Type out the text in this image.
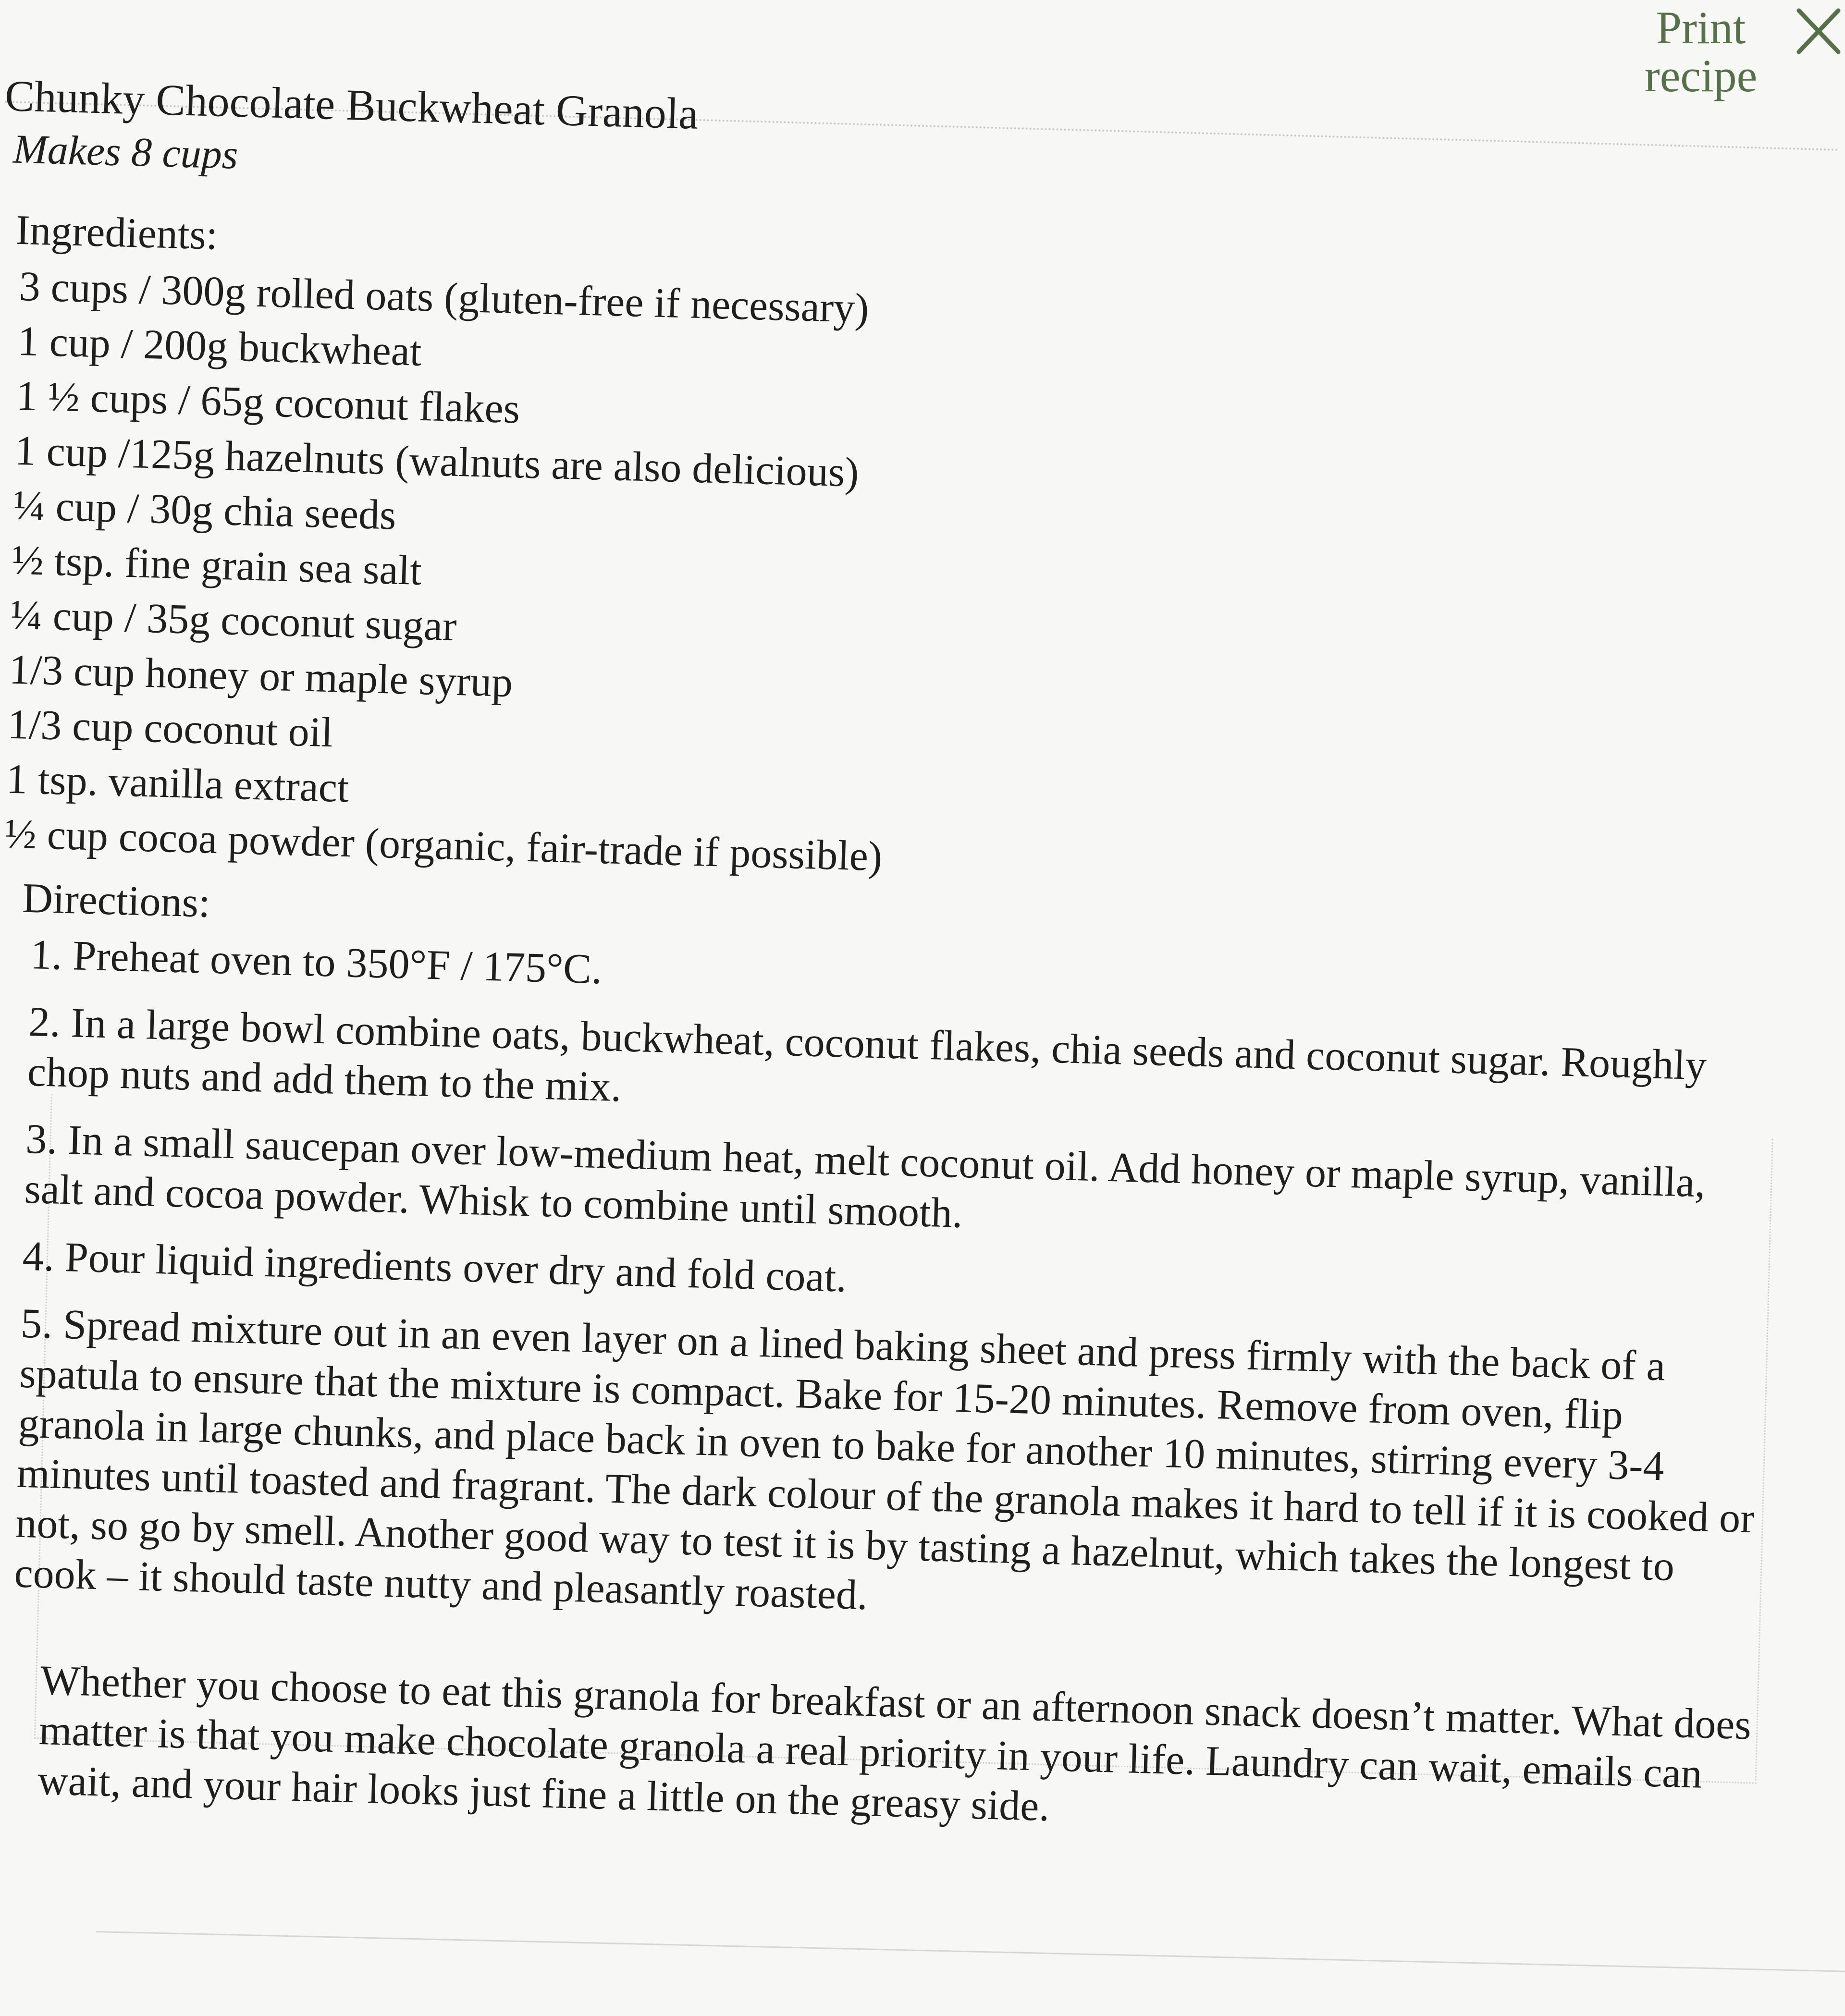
Print recipe
Chunky Chocolate Buckwheat Granola
Makes 8 cups
Ingredients:
3 cups / 300g rolled oats (gluten-free if necessary)
1 cup / 200g buckwheat
1 ½ cups / 65g coconut flakes
1 cup /125g hazelnuts (walnuts are also delicious)
¼ cup / 30g chia seeds
½ tsp. fine grain sea salt
¼ cup / 35g coconut sugar
1/3 cup honey or maple syrup
1/3 cup coconut oil
1 tsp. vanilla extract
½ cup cocoa powder (organic, fair-trade if possible)
Directions:
1. Preheat oven to 350°F / 175°C.
2. In a large bowl combine oats, buckwheat, coconut flakes, chia seeds and coconut sugar. Roughly chop nuts and add them to the mix.
3. In a small saucepan over low-medium heat, melt coconut oil. Add honey or maple syrup, vanilla, salt and cocoa powder. Whisk to combine until smooth.
4. Pour liquid ingredients over dry and fold coat.
5. Spread mixture out in an even layer on a lined baking sheet and press firmly with the back of a spatula to ensure that the mixture is compact. Bake for 15-20 minutes. Remove from oven, flip granola in large chunks, and place back in oven to bake for another 10 minutes, stirring every 3-4 minutes until toasted and fragrant. The dark colour of the granola makes it hard to tell if it is cooked or not, so go by smell. Another good way to test it is by tasting a hazelnut, which takes the longest to cook – it should taste nutty and pleasantly roasted.

Whether you choose to eat this granola for breakfast or an afternoon snack doesn’t matter. What does matter is that you make chocolate granola a real priority in your life. Laundry can wait, emails can wait, and your hair looks just fine a little on the greasy side.
